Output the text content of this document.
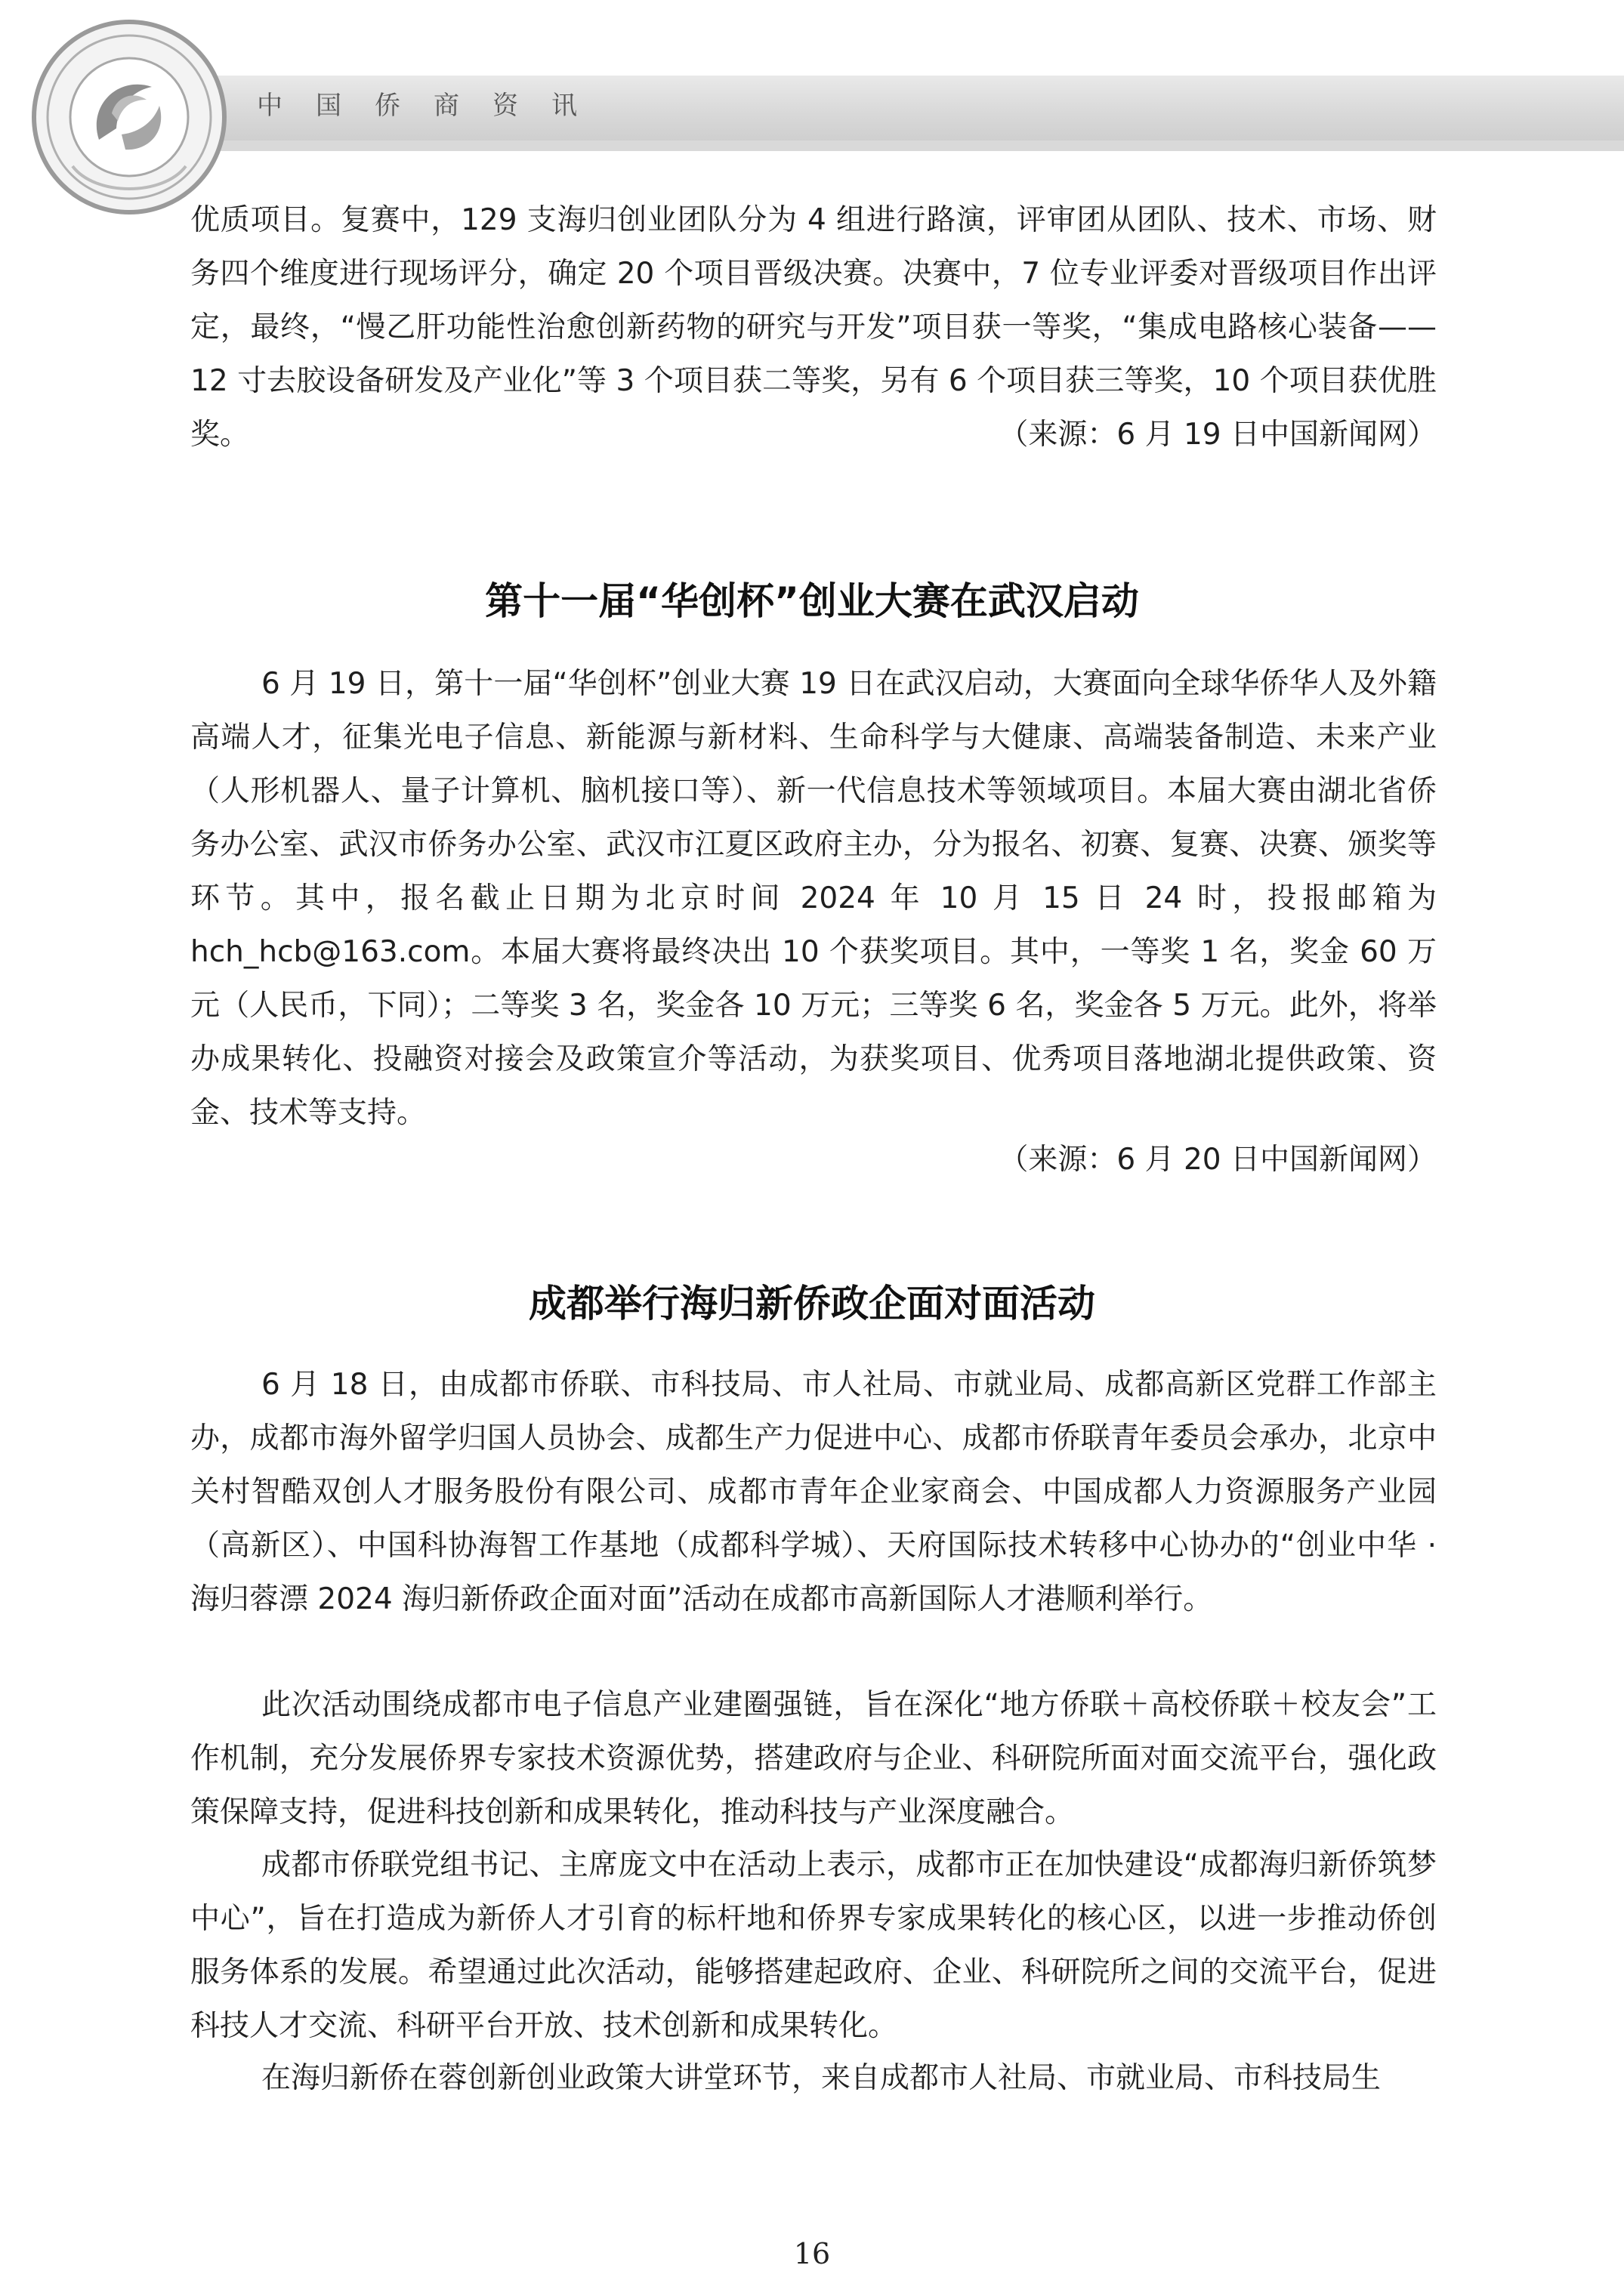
中国侨商资讯

优质项目。复赛中，129 支海归创业团队分为 4 组进行路演，评审团从团队、技术、市场、财务四个维度进行现场评分，确定 20 个项目晋级决赛。决赛中，7 位专业评委对晋级项目作出评定，最终，“慢乙肝功能性治愈创新药物的研究与开发”项目获一等奖，“集成电路核心装备——12 寸去胶设备研发及产业化”等 3 个项目获二等奖，另有 6 个项目获三等奖，10 个项目获优胜奖。	（来源：6 月 19 日中国新闻网）

第十一届“华创杯”创业大赛在武汉启动

6 月 19 日，第十一届“华创杯”创业大赛 19 日在武汉启动，大赛面向全球华侨华人及外籍高端人才，征集光电子信息、新能源与新材料、生命科学与大健康、高端装备制造、未来产业（人形机器人、量子计算机、脑机接口等）、新一代信息技术等领域项目。本届大赛由湖北省侨务办公室、武汉市侨务办公室、武汉市江夏区政府主办，分为报名、初赛、复赛、决赛、颁奖等环节。其中，报名截止日期为北京时间 2024 年 10 月 15 日 24 时，投报邮箱为 hch_hcb@163.com。本届大赛将最终决出 10 个获奖项目。其中，一等奖 1 名，奖金 60 万元（人民币，下同）；二等奖 3 名，奖金各 10 万元；三等奖 6 名，奖金各 5 万元。此外，将举办成果转化、投融资对接会及政策宣介等活动，为获奖项目、优秀项目落地湖北提供政策、资金、技术等支持。

（来源：6 月 20 日中国新闻网）

成都举行海归新侨政企面对面活动

6 月 18 日，由成都市侨联、市科技局、市人社局、市就业局、成都高新区党群工作部主办，成都市海外留学归国人员协会、成都生产力促进中心、成都市侨联青年委员会承办，北京中关村智酷双创人才服务股份有限公司、成都市青年企业家商会、中国成都人力资源服务产业园（高新区）、中国科协海智工作基地（成都科学城）、天府国际技术转移中心协办的“创业中华 · 海归蓉漂 2024 海归新侨政企面对面”活动在成都市高新国际人才港顺利举行。

此次活动围绕成都市电子信息产业建圈强链，旨在深化“地方侨联＋高校侨联＋校友会”工作机制，充分发展侨界专家技术资源优势，搭建政府与企业、科研院所面对面交流平台，强化政策保障支持，促进科技创新和成果转化，推动科技与产业深度融合。

成都市侨联党组书记、主席庞文中在活动上表示，成都市正在加快建设“成都海归新侨筑梦中心”，旨在打造成为新侨人才引育的标杆地和侨界专家成果转化的核心区，以进一步推动侨创服务体系的发展。希望通过此次活动，能够搭建起政府、企业、科研院所之间的交流平台，促进科技人才交流、科研平台开放、技术创新和成果转化。

在海归新侨在蓉创新创业政策大讲堂环节，来自成都市人社局、市就业局、市科技局生

16
